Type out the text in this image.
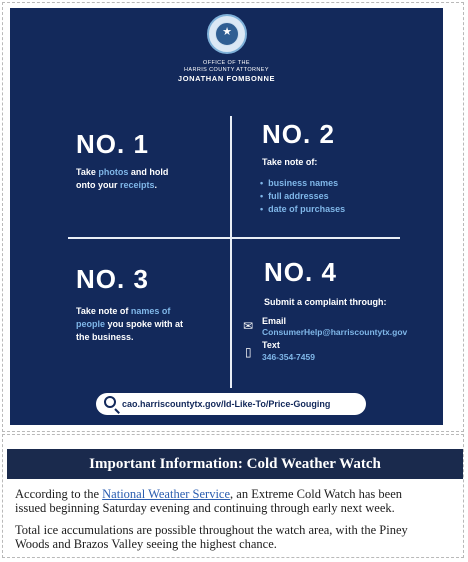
★
OFFICE OF THE
HARRIS COUNTY ATTORNEY
JONATHAN FOMBONNE
NO. 1
Take photos and hold
onto your receipts.
NO. 2
Take note of:
• business names
• full addresses
• date of purchases
NO. 3
Take note of names of
people you spoke with at
the business.
NO. 4
Submit a complaint through:
✉ Email
ConsumerHelp@harriscountytx.gov
▯ Text
346-354-7459
cao.harriscountytx.gov/Id-Like-To/Price-Gouging
Important Information: Cold Weather Watch
According to the National Weather Service, an Extreme Cold Watch has been
issued beginning Saturday evening and continuing through early next week.
Total ice accumulations are possible throughout the watch area, with the Piney
Woods and Brazos Valley seeing the highest chance.
